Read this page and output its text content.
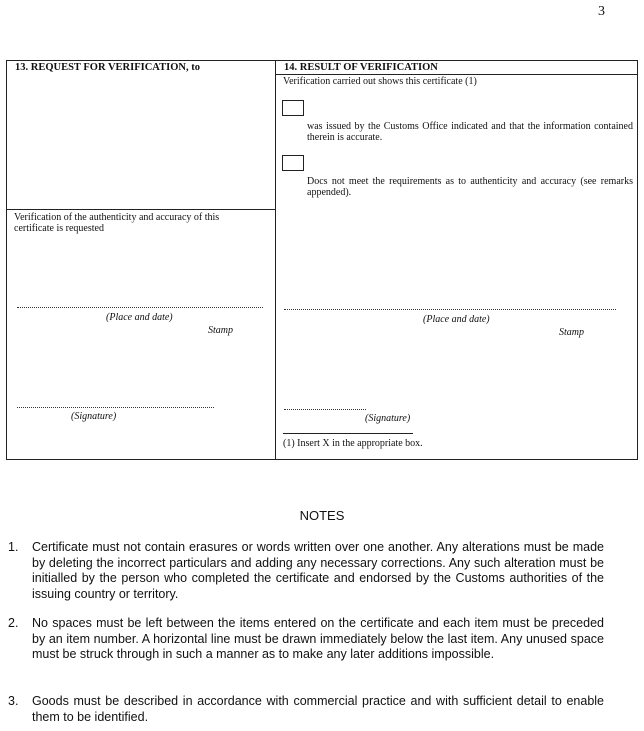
3
13. REQUEST FOR VERIFICATION, to
Verification of the authenticity and accuracy of this certificate is requested
(Place and date)
Stamp
(Signature)
14. RESULT OF VERIFICATION
Verification carried out shows this certificate (1)
was issued by the Customs Office indicated and that the information contained therein is accurate.
Docs not meet the requirements as to authenticity and accuracy (see remarks appended).
(Place and date)
Stamp
(Signature)
(1) Insert X in the appropriate box.
NOTES
1. Certificate must not contain erasures or words written over one another. Any alterations must be made by deleting the incorrect particulars and adding any necessary corrections. Any such alteration must be initialled by the person who completed the certificate and endorsed by the Customs authorities of the issuing country or territory.
2. No spaces must be left between the items entered on the certificate and each item must be preceded by an item number. A horizontal line must be drawn immediately below the last item. Any unused space must be struck through in such a manner as to make any later additions impossible.
3. Goods must be described in accordance with commercial practice and with sufficient detail to enable them to be identified.
